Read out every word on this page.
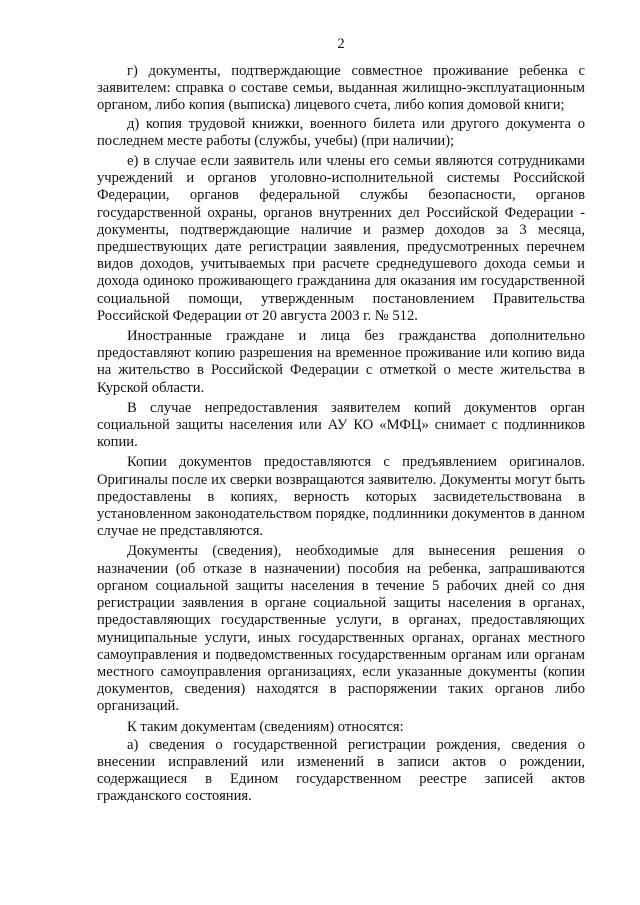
2

г) документы, подтверждающие совместное проживание ребенка с заявителем: справка о составе семьи, выданная жилищно-эксплуатационным органом, либо копия (выписка) лицевого счета, либо копия домовой книги;

д) копия трудовой книжки, военного билета или другого документа о последнем месте работы (службы, учебы) (при наличии);

е) в случае если заявитель или члены его семьи являются сотрудниками учреждений и органов уголовно-исполнительной системы Российской Федерации, органов федеральной службы безопасности, органов государственной охраны, органов внутренних дел Российской Федерации - документы, подтверждающие наличие и размер доходов за 3 месяца, предшествующих дате регистрации заявления, предусмотренных перечнем видов доходов, учитываемых при расчете среднедушевого дохода семьи и дохода одиноко проживающего гражданина для оказания им государственной социальной помощи, утвержденным постановлением Правительства Российской Федерации от 20 августа 2003 г. № 512.

Иностранные граждане и лица без гражданства дополнительно предоставляют копию разрешения на временное проживание или копию вида на жительство в Российской Федерации с отметкой о месте жительства в Курской области.

В случае непредоставления заявителем копий документов орган социальной защиты населения или АУ КО «МФЦ» снимает с подлинников копии.

Копии документов предоставляются с предъявлением оригиналов. Оригиналы после их сверки возвращаются заявителю. Документы могут быть предоставлены в копиях, верность которых засвидетельствована в установленном законодательством порядке, подлинники документов в данном случае не представляются.

Документы (сведения), необходимые для вынесения решения о назначении (об отказе в назначении) пособия на ребенка, запрашиваются органом социальной защиты населения в течение 5 рабочих дней со дня регистрации заявления в органе социальной защиты населения в органах, предоставляющих государственные услуги, в органах, предоставляющих муниципальные услуги, иных государственных органах, органах местного самоуправления и подведомственных государственным органам или органам местного самоуправления организациях, если указанные документы (копии документов, сведения) находятся в распоряжении таких органов либо организаций.

К таким документам (сведениям) относятся:

а) сведения о государственной регистрации рождения, сведения о внесении исправлений или изменений в записи актов о рождении, содержащиеся в Едином государственном реестре записей актов гражданского состояния.
